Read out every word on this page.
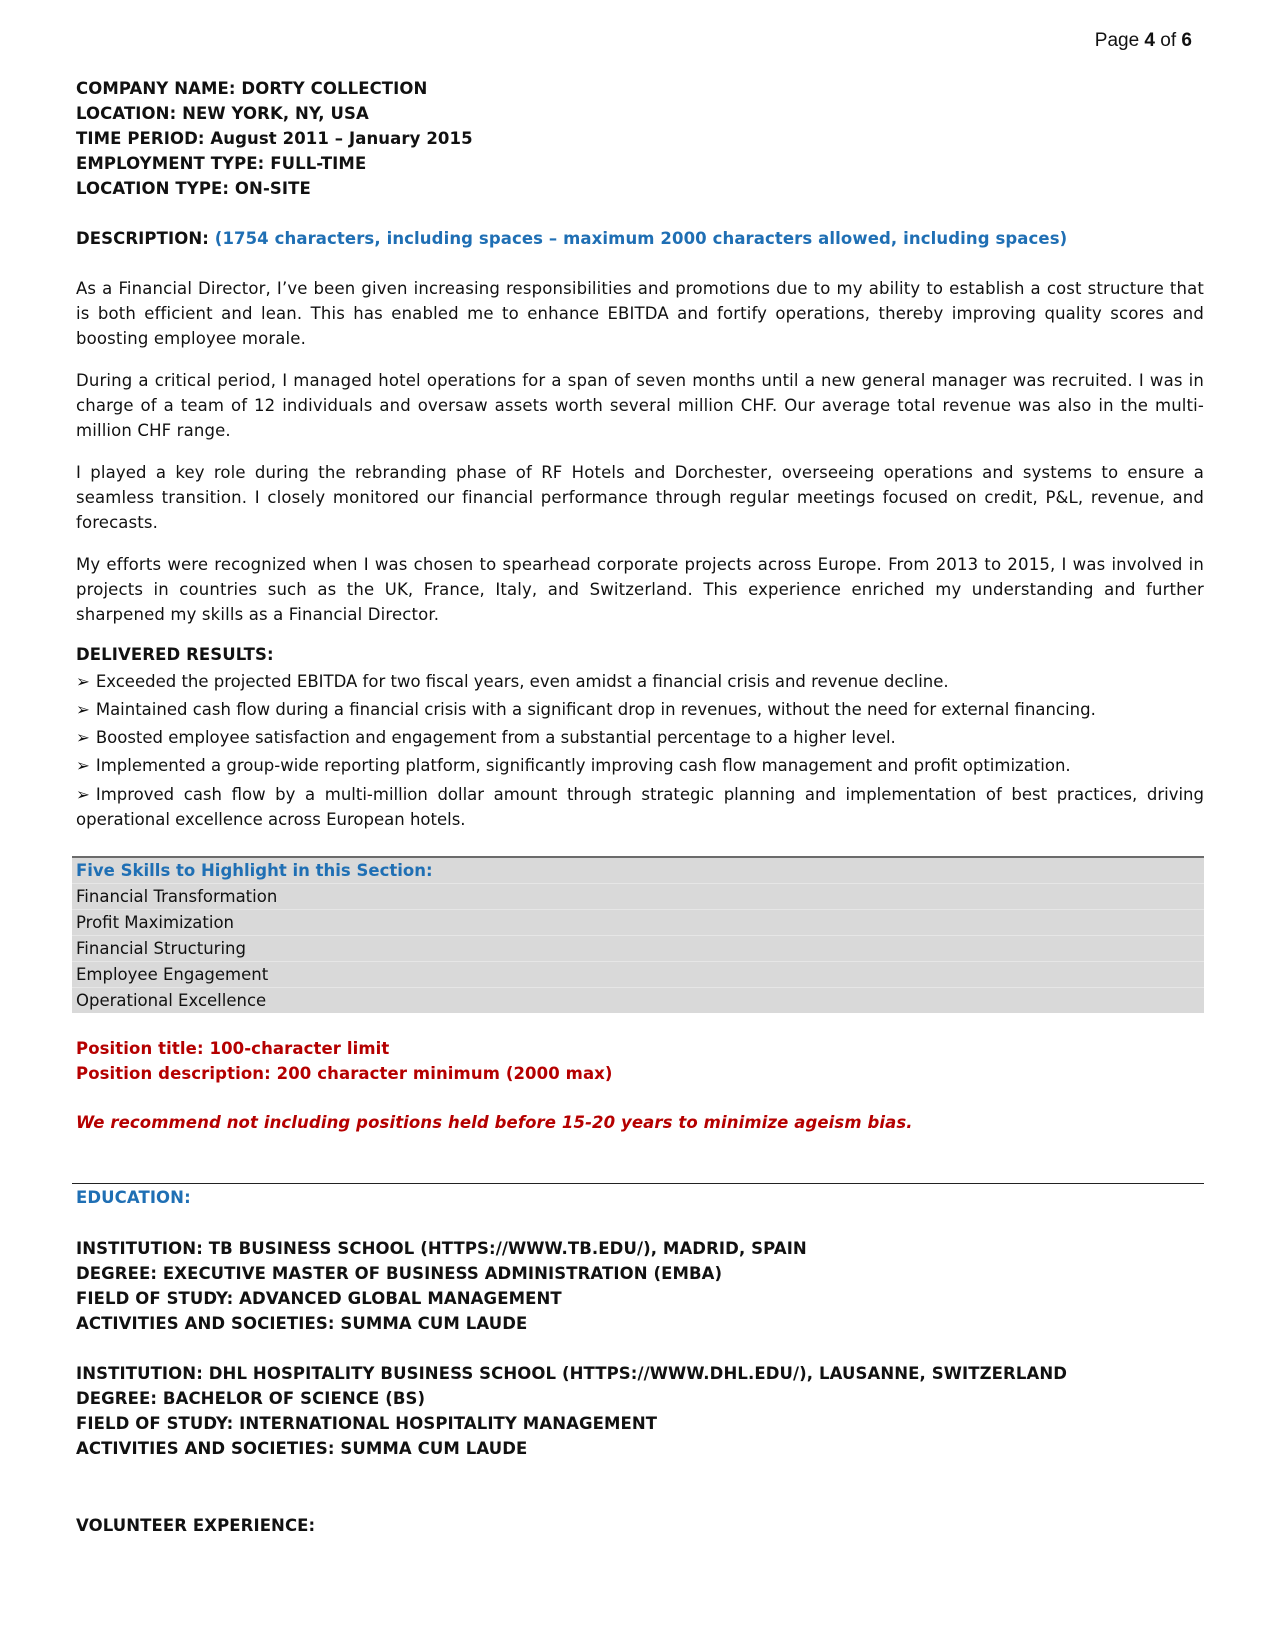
Page 4 of 6
COMPANY NAME: DORTY COLLECTION
LOCATION: NEW YORK, NY, USA
TIME PERIOD: August 2011 – January 2015
EMPLOYMENT TYPE: FULL-TIME
LOCATION TYPE: ON-SITE
DESCRIPTION: (1754 characters, including spaces – maximum 2000 characters allowed, including spaces)
As a Financial Director, I’ve been given increasing responsibilities and promotions due to my ability to establish a cost structure that is both efficient and lean. This has enabled me to enhance EBITDA and fortify operations, thereby improving quality scores and boosting employee morale.
During a critical period, I managed hotel operations for a span of seven months until a new general manager was recruited. I was in charge of a team of 12 individuals and oversaw assets worth several million CHF. Our average total revenue was also in the multi-million CHF range.
I played a key role during the rebranding phase of RF Hotels and Dorchester, overseeing operations and systems to ensure a seamless transition. I closely monitored our financial performance through regular meetings focused on credit, P&L, revenue, and forecasts.
My efforts were recognized when I was chosen to spearhead corporate projects across Europe. From 2013 to 2015, I was involved in projects in countries such as the UK, France, Italy, and Switzerland. This experience enriched my understanding and further sharpened my skills as a Financial Director.
DELIVERED RESULTS:
➢ Exceeded the projected EBITDA for two fiscal years, even amidst a financial crisis and revenue decline.
➢ Maintained cash flow during a financial crisis with a significant drop in revenues, without the need for external financing.
➢ Boosted employee satisfaction and engagement from a substantial percentage to a higher level.
➢ Implemented a group-wide reporting platform, significantly improving cash flow management and profit optimization.
➢ Improved cash flow by a multi-million dollar amount through strategic planning and implementation of best practices, driving operational excellence across European hotels.
Five Skills to Highlight in this Section:
Financial Transformation
Profit Maximization
Financial Structuring
Employee Engagement
Operational Excellence
Position title: 100-character limit
Position description: 200 character minimum (2000 max)
We recommend not including positions held before 15-20 years to minimize ageism bias.
EDUCATION:
INSTITUTION: TB BUSINESS SCHOOL (HTTPS://WWW.TB.EDU/), MADRID, SPAIN
DEGREE: EXECUTIVE MASTER OF BUSINESS ADMINISTRATION (EMBA)
FIELD OF STUDY: ADVANCED GLOBAL MANAGEMENT
ACTIVITIES AND SOCIETIES: SUMMA CUM LAUDE
INSTITUTION: DHL HOSPITALITY BUSINESS SCHOOL (HTTPS://WWW.DHL.EDU/), LAUSANNE, SWITZERLAND
DEGREE: BACHELOR OF SCIENCE (BS)
FIELD OF STUDY: INTERNATIONAL HOSPITALITY MANAGEMENT
ACTIVITIES AND SOCIETIES: SUMMA CUM LAUDE
VOLUNTEER EXPERIENCE:
